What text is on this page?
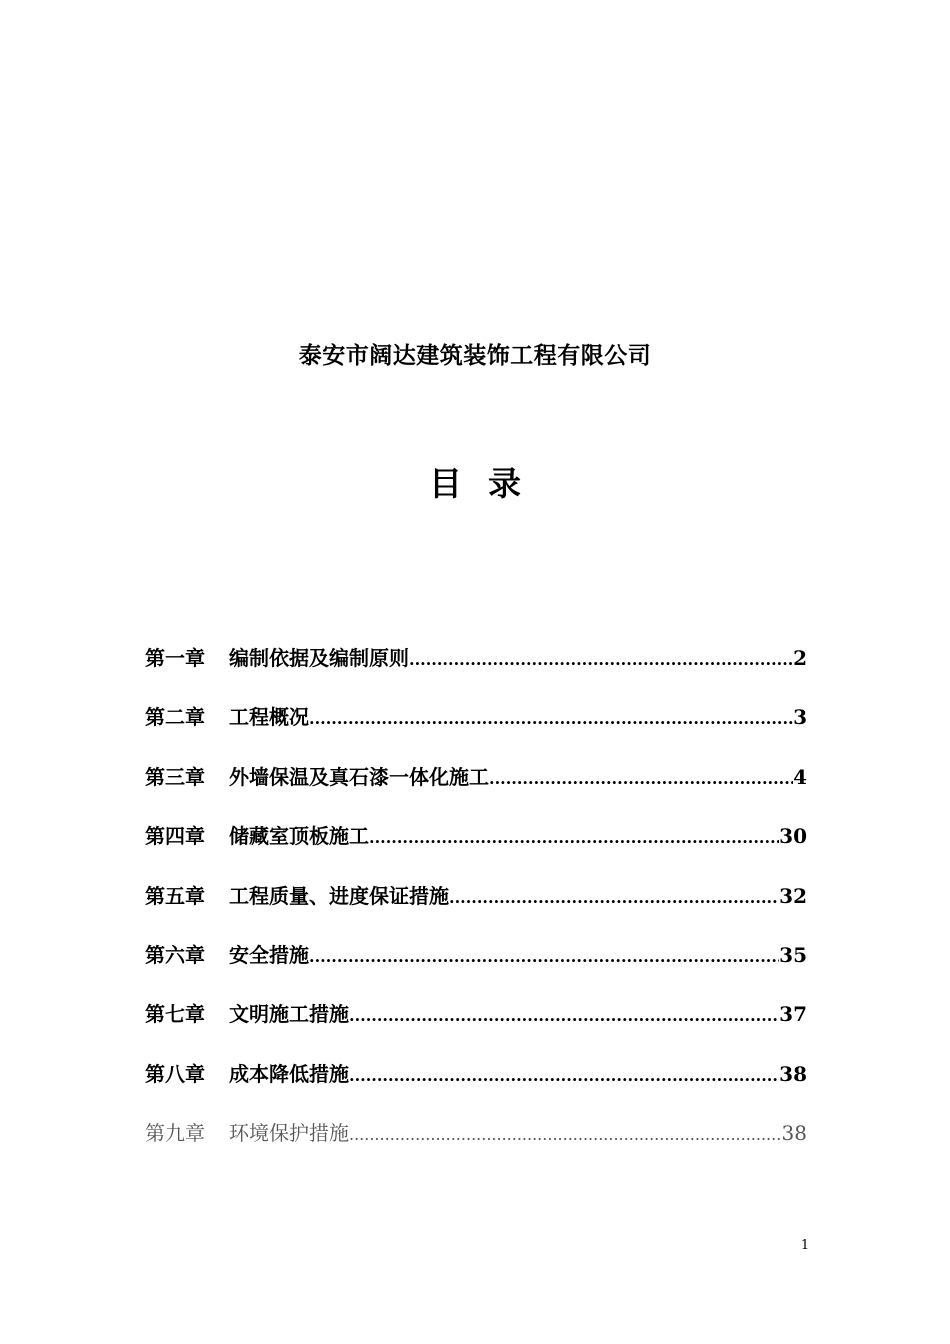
泰安市阔达建筑装饰工程有限公司
目 录
第一章	编制依据及编制原则 .....	2
第二章	工程概况 .....	3
第三章	外墙保温及真石漆一体化施工 .....	4
第四章	储藏室顶板施工 .....	30
第五章	工程质量、进度保证措施 .....	32
第六章	安全措施 .....	35
第七章	文明施工措施 .....	37
第八章	成本降低措施 .....	38
第九章	环境保护措施 .....	38
1
